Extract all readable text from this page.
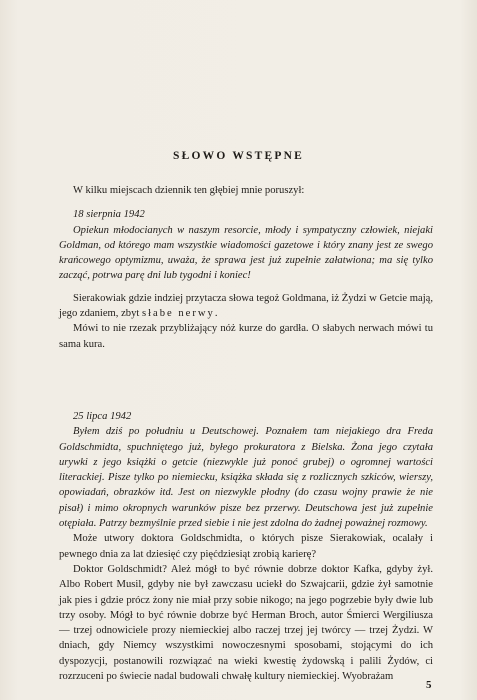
SŁOWO WSTĘPNE

W kilku miejscach dziennik ten głębiej mnie poruszył:

18 sierpnia 1942

Opiekun młodocianych w naszym resorcie, młody i sympatyczny człowiek, niejaki Goldman, od którego mam wszystkie wiadomości gazetowe i który znany jest ze swego krańcowego optymizmu, uważa, że sprawa jest już zupełnie załatwiona; ma się tylko zacząć, potrwa parę dni lub tygodni i koniec!

Sierakowiak gdzie indziej przytacza słowa tegoż Goldmana, iż Żydzi w Getcie mają, jego zdaniem, zbyt słabe nerwy.

Mówi to nie rzezak przybliżający nóż kurze do gardła. O słabych nerwach mówi tu sama kura.

25 lipca 1942

Byłem dziś po południu u Deutschowej. Poznałem tam niejakiego dra Freda Goldschmidta, spuchniętego już, byłego prokuratora z Bielska. Żona jego czytała urywki z jego książki o getcie (niezwykle już ponoć grubej) o ogromnej wartości literackiej. Pisze tylko po niemiecku, książka składa się z rozlicznych szkiców, wierszy, opowiadań, obrazków itd. Jest on niezwykle płodny (do czasu wojny prawie że nie pisał) i mimo okropnych warunków pisze bez przerwy. Deutschowa jest już zupełnie otępiała. Patrzy bezmyślnie przed siebie i nie jest zdolna do żadnej poważnej rozmowy.

Może utwory doktora Goldschmidta, o których pisze Sierakowiak, ocalały i pewnego dnia za lat dziesięć czy pięćdziesiąt zrobią karierę?

Doktor Goldschmidt? Ależ mógł to być równie dobrze doktor Kafka, gdyby żył. Albo Robert Musil, gdyby nie był zawczasu uciekł do Szwajcarii, gdzie żył samotnie jak pies i gdzie prócz żony nie miał przy sobie nikogo; na jego pogrzebie były dwie lub trzy osoby. Mógł to być równie dobrze być Herman Broch, autor Śmierci Wergiliusza — trzej odnowiciele prozy niemieckiej albo raczej trzej jej twórcy — trzej Żydzi. W dniach, gdy Niemcy wszystkimi nowoczesnymi sposobami, stojącymi do ich dyspozycji, postanowili rozwiązać na wieki kwestię żydowską i palili Żydów, ci rozrzuceni po świecie nadal budowali chwałę kultury niemieckiej. Wyobrażam

5
